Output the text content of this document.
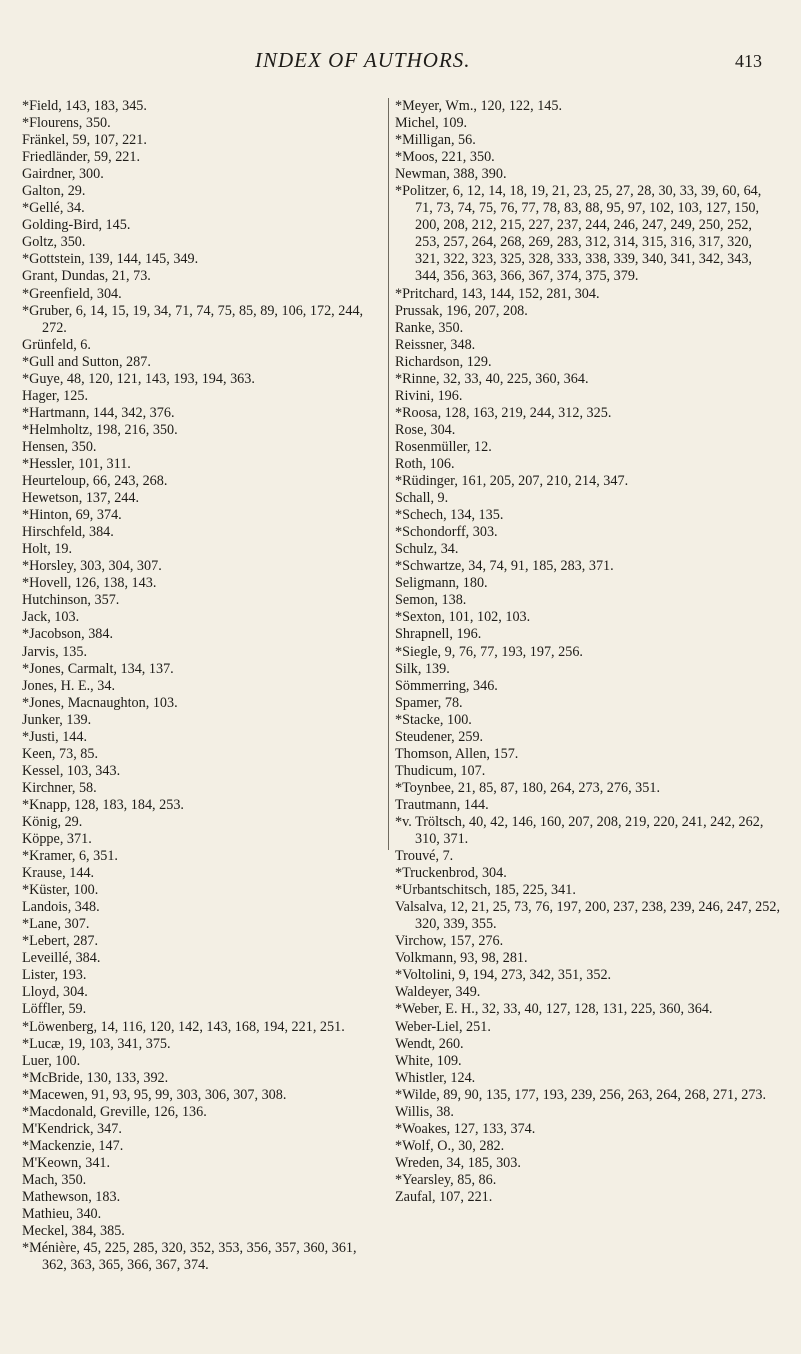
INDEX OF AUTHORS.	413
*Field, 143, 183, 345.
*Flourens, 350.
Fränkel, 59, 107, 221.
Friedländer, 59, 221.
Gairdner, 300.
Galton, 29.
*Gellé, 34.
Golding-Bird, 145.
Goltz, 350.
*Gottstein, 139, 144, 145, 349.
Grant, Dundas, 21, 73.
*Greenfield, 304.
*Gruber, 6, 14, 15, 19, 34, 71, 74, 75, 85, 89, 106, 172, 244, 272.
Grünfeld, 6.
*Gull and Sutton, 287.
*Guye, 48, 120, 121, 143, 193, 194, 363.
Hager, 125.
*Hartmann, 144, 342, 376.
*Helmholtz, 198, 216, 350.
Hensen, 350.
*Hessler, 101, 311.
Heurteloup, 66, 243, 268.
Hewetson, 137, 244.
*Hinton, 69, 374.
Hirschfeld, 384.
Holt, 19.
*Horsley, 303, 304, 307.
*Hovell, 126, 138, 143.
Hutchinson, 357.
Jack, 103.
*Jacobson, 384.
Jarvis, 135.
*Jones, Carmalt, 134, 137.
Jones, H. E., 34.
*Jones, Macnaughton, 103.
Junker, 139.
*Justi, 144.
Keen, 73, 85.
Kessel, 103, 343.
Kirchner, 58.
*Knapp, 128, 183, 184, 253.
König, 29.
Köppe, 371.
*Kramer, 6, 351.
Krause, 144.
*Küster, 100.
Landois, 348.
*Lane, 307.
*Lebert, 287.
Leveillé, 384.
Lister, 193.
Lloyd, 304.
Löffler, 59.
*Löwenberg, 14, 116, 120, 142, 143, 168, 194, 221, 251.
*Lucæ, 19, 103, 341, 375.
Luer, 100.
*McBride, 130, 133, 392.
*Macewen, 91, 93, 95, 99, 303, 306, 307, 308.
*Macdonald, Greville, 126, 136.
M'Kendrick, 347.
*Mackenzie, 147.
M'Keown, 341.
Mach, 350.
Mathewson, 183.
Mathieu, 340.
Meckel, 384, 385.
*Ménière, 45, 225, 285, 320, 352, 353, 356, 357, 360, 361, 362, 363, 365, 366, 367, 374.
*Meyer, Wm., 120, 122, 145.
Michel, 109.
*Milligan, 56.
*Moos, 221, 350.
Newman, 388, 390.
*Politzer, 6, 12, 14, 18, 19, 21, 23, 25, 27, 28, 30, 33, 39, 60, 64, 71, 73, 74, 75, 76, 77, 78, 83, 88, 95, 97, 102, 103, 127, 150, 200, 208, 212, 215, 227, 237, 244, 246, 247, 249, 250, 252, 253, 257, 264, 268, 269, 283, 312, 314, 315, 316, 317, 320, 321, 322, 323, 325, 328, 333, 338, 339, 340, 341, 342, 343, 344, 356, 363, 366, 367, 374, 375, 379.
*Pritchard, 143, 144, 152, 281, 304.
Prussak, 196, 207, 208.
Ranke, 350.
Reissner, 348.
Richardson, 129.
*Rinne, 32, 33, 40, 225, 360, 364.
Rivini, 196.
*Roosa, 128, 163, 219, 244, 312, 325.
Rose, 304.
Rosenmüller, 12.
Roth, 106.
*Rüdinger, 161, 205, 207, 210, 214, 347.
Schall, 9.
*Schech, 134, 135.
*Schondorff, 303.
Schulz, 34.
*Schwartze, 34, 74, 91, 185, 283, 371.
Seligmann, 180.
Semon, 138.
*Sexton, 101, 102, 103.
Shrapnell, 196.
*Siegle, 9, 76, 77, 193, 197, 256.
Silk, 139.
Sömmerring, 346.
Spamer, 78.
*Stacke, 100.
Steudener, 259.
Thomson, Allen, 157.
Thudicum, 107.
*Toynbee, 21, 85, 87, 180, 264, 273, 276, 351.
Trautmann, 144.
*v. Tröltsch, 40, 42, 146, 160, 207, 208, 219, 220, 241, 242, 262, 310, 371.
Trouvé, 7.
*Truckenbrod, 304.
*Urbantschitsch, 185, 225, 341.
Valsalva, 12, 21, 25, 73, 76, 197, 200, 237, 238, 239, 246, 247, 252, 320, 339, 355.
Virchow, 157, 276.
Volkmann, 93, 98, 281.
*Voltolini, 9, 194, 273, 342, 351, 352.
Waldeyer, 349.
*Weber, E. H., 32, 33, 40, 127, 128, 131, 225, 360, 364.
Weber-Liel, 251.
Wendt, 260.
White, 109.
Whistler, 124.
*Wilde, 89, 90, 135, 177, 193, 239, 256, 263, 264, 268, 271, 273.
Willis, 38.
*Woakes, 127, 133, 374.
*Wolf, O., 30, 282.
Wreden, 34, 185, 303.
*Yearsley, 85, 86.
Zaufal, 107, 221.
